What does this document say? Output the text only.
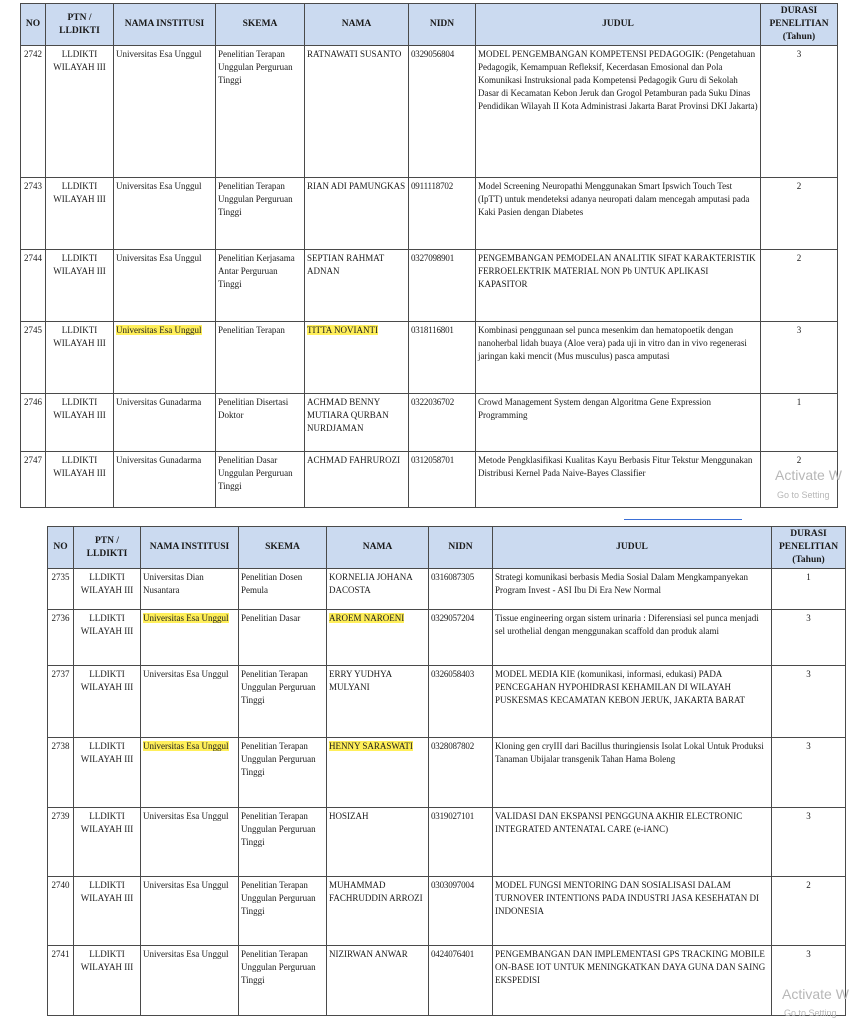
NO	PTN / LLDIKTI	NAMA INSTITUSI	SKEMA	NAMA	NIDN	JUDUL	DURASI PENELITIAN (Tahun)
2742	LLDIKTI WILAYAH III	Universitas Esa Unggul	Penelitian Terapan Unggulan Perguruan Tinggi	RATNAWATI SUSANTO	0329056804	MODEL PENGEMBANGAN KOMPETENSI PEDAGOGIK: (Pengetahuan Pedagogik, Kemampuan Refleksif, Kecerdasan Emosional dan Pola Komunikasi Instruksional pada Kompetensi Pedagogik Guru di Sekolah Dasar di Kecamatan Kebon Jeruk dan Grogol Petamburan pada Suku Dinas Pendidikan Wilayah II Kota Administrasi Jakarta Barat Provinsi DKI Jakarta)	3
2743	LLDIKTI WILAYAH III	Universitas Esa Unggul	Penelitian Terapan Unggulan Perguruan Tinggi	RIAN ADI PAMUNGKAS	0911118702	Model Screening Neuropathi Menggunakan Smart Ipswich Touch Test (IpTT) untuk mendeteksi adanya neuropati dalam mencegah amputasi pada Kaki Pasien dengan Diabetes	2
2744	LLDIKTI WILAYAH III	Universitas Esa Unggul	Penelitian Kerjasama Antar Perguruan Tinggi	SEPTIAN RAHMAT ADNAN	0327098901	PENGEMBANGAN PEMODELAN ANALITIK SIFAT KARAKTERISTIK FERROELEKTRIK MATERIAL NON Pb UNTUK APLIKASI KAPASITOR	2
2745	LLDIKTI WILAYAH III	Universitas Esa Unggul	Penelitian Terapan	TITTA NOVIANTI	0318116801	Kombinasi penggunaan sel punca mesenkim dan hematopoetik dengan nanoherbal lidah buaya (Aloe vera) pada uji in vitro dan in vivo regenerasi jaringan kaki mencit (Mus musculus) pasca amputasi	3
2746	LLDIKTI WILAYAH III	Universitas Gunadarma	Penelitian Disertasi Doktor	ACHMAD BENNY MUTIARA QURBAN NURDJAMAN	0322036702	Crowd Management System dengan Algoritma Gene Expression Programming	1
2747	LLDIKTI WILAYAH III	Universitas Gunadarma	Penelitian Dasar Unggulan Perguruan Tinggi	ACHMAD FAHRUROZI	0312058701	Metode Pengklasifikasi Kualitas Kayu Berbasis Fitur Tekstur Menggunakan Distribusi Kernel Pada Naive-Bayes Classifier	2
NO	PTN / LLDIKTI	NAMA INSTITUSI	SKEMA	NAMA	NIDN	JUDUL	DURASI PENELITIAN (Tahun)
2735	LLDIKTI WILAYAH III	Universitas Dian Nusantara	Penelitian Dosen Pemula	KORNELIA JOHANA DACOSTA	0316087305	Strategi komunikasi berbasis Media Sosial Dalam Mengkampanyekan Program Invest - ASI Ibu Di Era New Normal	1
2736	LLDIKTI WILAYAH III	Universitas Esa Unggul	Penelitian Dasar	AROEM NAROENI	0329057204	Tissue engineering organ sistem urinaria : Diferensiasi sel punca menjadi sel urothelial dengan menggunakan scaffold dan produk alami	3
2737	LLDIKTI WILAYAH III	Universitas Esa Unggul	Penelitian Terapan Unggulan Perguruan Tinggi	ERRY YUDHYA MULYANI	0326058403	MODEL MEDIA KIE (komunikasi, informasi, edukasi) PADA PENCEGAHAN HYPOHIDRASI KEHAMILAN DI WILAYAH PUSKESMAS KECAMATAN KEBON JERUK, JAKARTA BARAT	3
2738	LLDIKTI WILAYAH III	Universitas Esa Unggul	Penelitian Terapan Unggulan Perguruan Tinggi	HENNY SARASWATI	0328087802	Kloning gen cryIII dari Bacillus thuringiensis Isolat Lokal Untuk Produksi Tanaman Ubijalar transgenik Tahan Hama Boleng	3
2739	LLDIKTI WILAYAH III	Universitas Esa Unggul	Penelitian Terapan Unggulan Perguruan Tinggi	HOSIZAH	0319027101	VALIDASI DAN EKSPANSI PENGGUNA AKHIR ELECTRONIC INTEGRATED ANTENATAL CARE (e-iANC)	3
2740	LLDIKTI WILAYAH III	Universitas Esa Unggul	Penelitian Terapan Unggulan Perguruan Tinggi	MUHAMMAD FACHRUDDIN ARROZI	0303097004	MODEL FUNGSI MENTORING DAN SOSIALISASI DALAM TURNOVER INTENTIONS PADA INDUSTRI JASA KESEHATAN DI INDONESIA	2
2741	LLDIKTI WILAYAH III	Universitas Esa Unggul	Penelitian Terapan Unggulan Perguruan Tinggi	NIZIRWAN ANWAR	0424076401	PENGEMBANGAN DAN IMPLEMENTASI GPS TRACKING MOBILE ON-BASE IOT UNTUK MENINGKATKAN DAYA GUNA DAN SAING EKSPEDISI	3
Activate W
Go to Setting
Activate W
Go to Setting
